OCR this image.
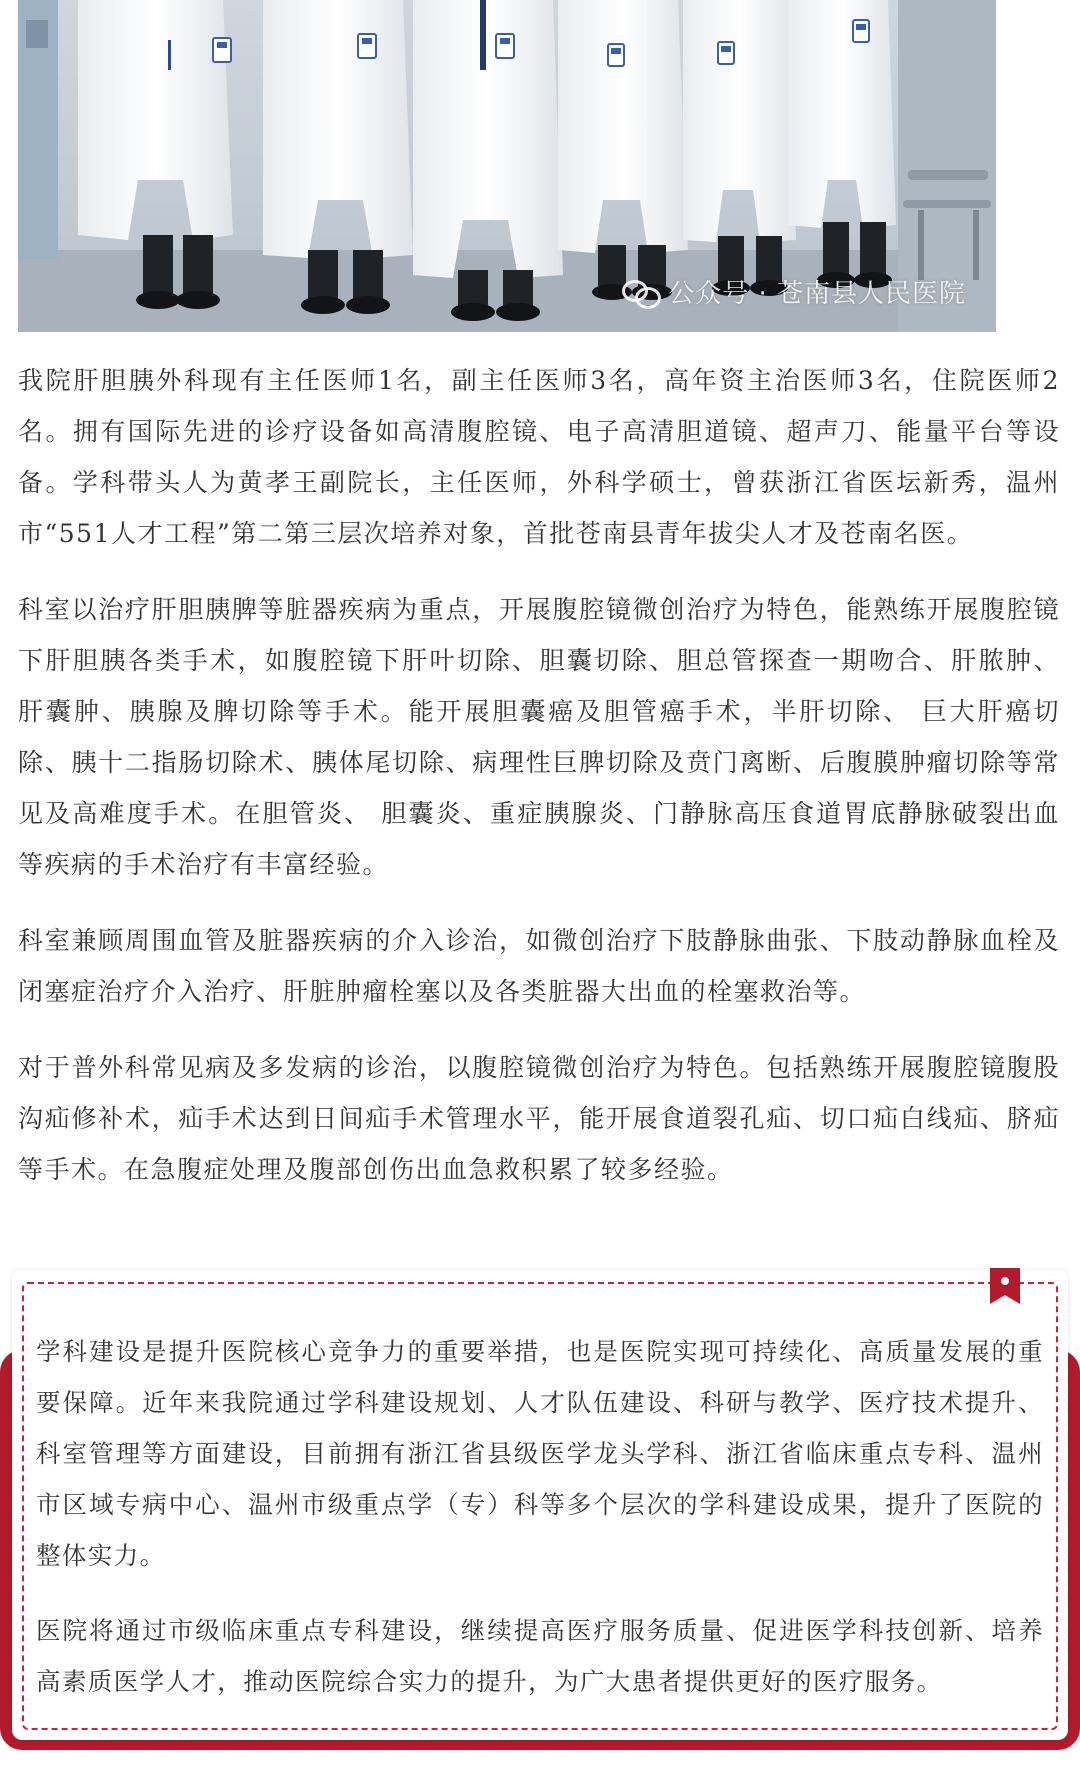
公众号 · 苍南县人民医院

我院肝胆胰外科现有主任医师1名，副主任医师3名，高年资主治医师3名，住院医师2名。拥有国际先进的诊疗设备如高清腹腔镜、电子高清胆道镜、超声刀、能量平台等设备。学科带头人为黄孝王副院长，主任医师，外科学硕士，曾获浙江省医坛新秀，温州市“551人才工程”第二第三层次培养对象，首批苍南县青年拔尖人才及苍南名医。

科室以治疗肝胆胰脾等脏器疾病为重点，开展腹腔镜微创治疗为特色，能熟练开展腹腔镜下肝胆胰各类手术，如腹腔镜下肝叶切除、胆囊切除、胆总管探查一期吻合、肝脓肿、 肝囊肿、胰腺及脾切除等手术。能开展胆囊癌及胆管癌手术，半肝切除、 巨大肝癌切除、胰十二指肠切除术、胰体尾切除、病理性巨脾切除及贲门离断、后腹膜肿瘤切除等常见及高难度手术。在胆管炎、 胆囊炎、重症胰腺炎、门静脉高压食道胃底静脉破裂出血等疾病的手术治疗有丰富经验。

科室兼顾周围血管及脏器疾病的介入诊治，如微创治疗下肢静脉曲张、下肢动静脉血栓及闭塞症治疗介入治疗、肝脏肿瘤栓塞以及各类脏器大出血的栓塞救治等。

对于普外科常见病及多发病的诊治，以腹腔镜微创治疗为特色。包括熟练开展腹腔镜腹股沟疝修补术，疝手术达到日间疝手术管理水平，能开展食道裂孔疝、切口疝白线疝、脐疝等手术。在急腹症处理及腹部创伤出血急救积累了较多经验。

学科建设是提升医院核心竞争力的重要举措，也是医院实现可持续化、高质量发展的重要保障。近年来我院通过学科建设规划、人才队伍建设、科研与教学、医疗技术提升、科室管理等方面建设，目前拥有浙江省县级医学龙头学科、浙江省临床重点专科、温州市区域专病中心、温州市级重点学（专）科等多个层次的学科建设成果，提升了医院的整体实力。

医院将通过市级临床重点专科建设，继续提高医疗服务质量、促进医学科技创新、培养高素质医学人才，推动医院综合实力的提升，为广大患者提供更好的医疗服务。
